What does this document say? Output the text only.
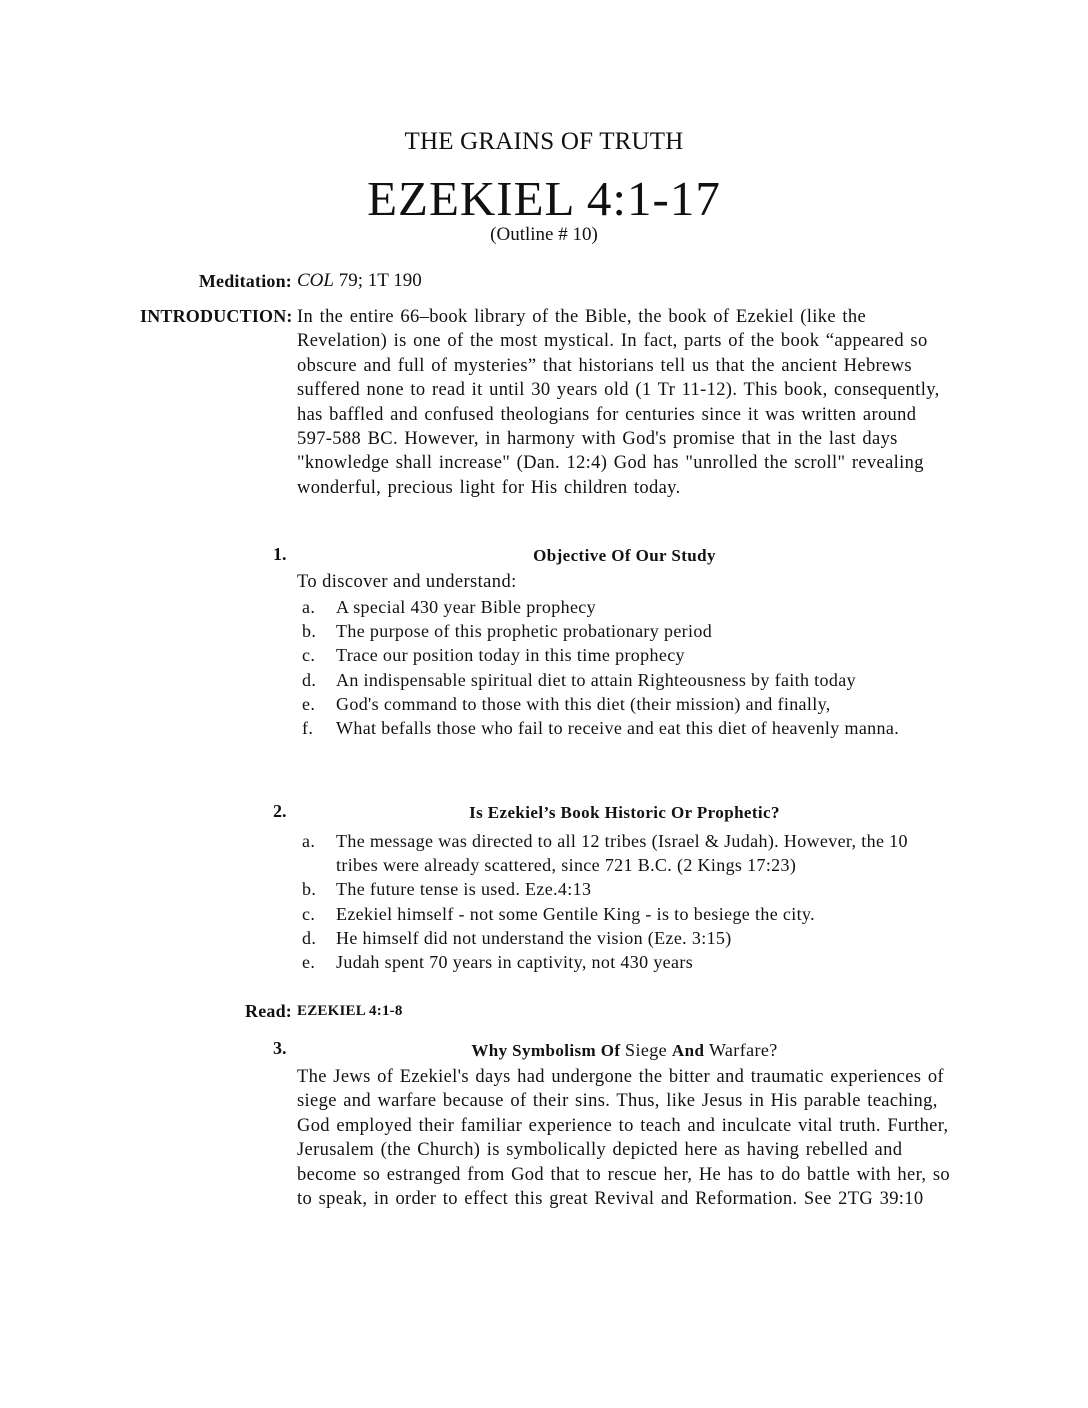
THE GRAINS OF TRUTH
EZEKIEL 4:1-17
(Outline # 10)
Meditation: COL 79; 1T 190
INTRODUCTION: In the entire 66–book library of the Bible, the book of Ezekiel (like the Revelation) is one of the most mystical. In fact, parts of the book “appeared so obscure and full of mysteries” that historians tell us that the ancient Hebrews suffered none to read it until 30 years old (1 Tr 11-12). This book, consequently, has baffled and confused theologians for centuries since it was written around 597-588 BC. However, in harmony with God's promise that in the last days "knowledge shall increase" (Dan. 12:4) God has "unrolled the scroll" revealing wonderful, precious light for His children today.
1.	Objective Of Our Study
To discover and understand:
a. A special 430 year Bible prophecy
b. The purpose of this prophetic probationary period
c. Trace our position today in this time prophecy
d. An indispensable spiritual diet to attain Righteousness by faith today
e. God's command to those with this diet (their mission) and finally,
f. What befalls those who fail to receive and eat this diet of heavenly manna.
2.	Is Ezekiel’s Book Historic Or Prophetic?
a. The message was directed to all 12 tribes (Israel & Judah). However, the 10 tribes were already scattered, since 721 B.C. (2 Kings 17:23)
b. The future tense is used. Eze.4:13
c. Ezekiel himself - not some Gentile King - is to besiege the city.
d. He himself did not understand the vision (Eze. 3:15)
e. Judah spent 70 years in captivity, not 430 years
Read: EZEKIEL 4:1-8
3.	Why Symbolism Of Siege And Warfare?
The Jews of Ezekiel's days had undergone the bitter and traumatic experiences of siege and warfare because of their sins. Thus, like Jesus in His parable teaching, God employed their familiar experience to teach and inculcate vital truth. Further, Jerusalem (the Church) is symbolically depicted here as having rebelled and become so estranged from God that to rescue her, He has to do battle with her, so to speak, in order to effect this great Revival and Reformation. See 2TG 39:10
